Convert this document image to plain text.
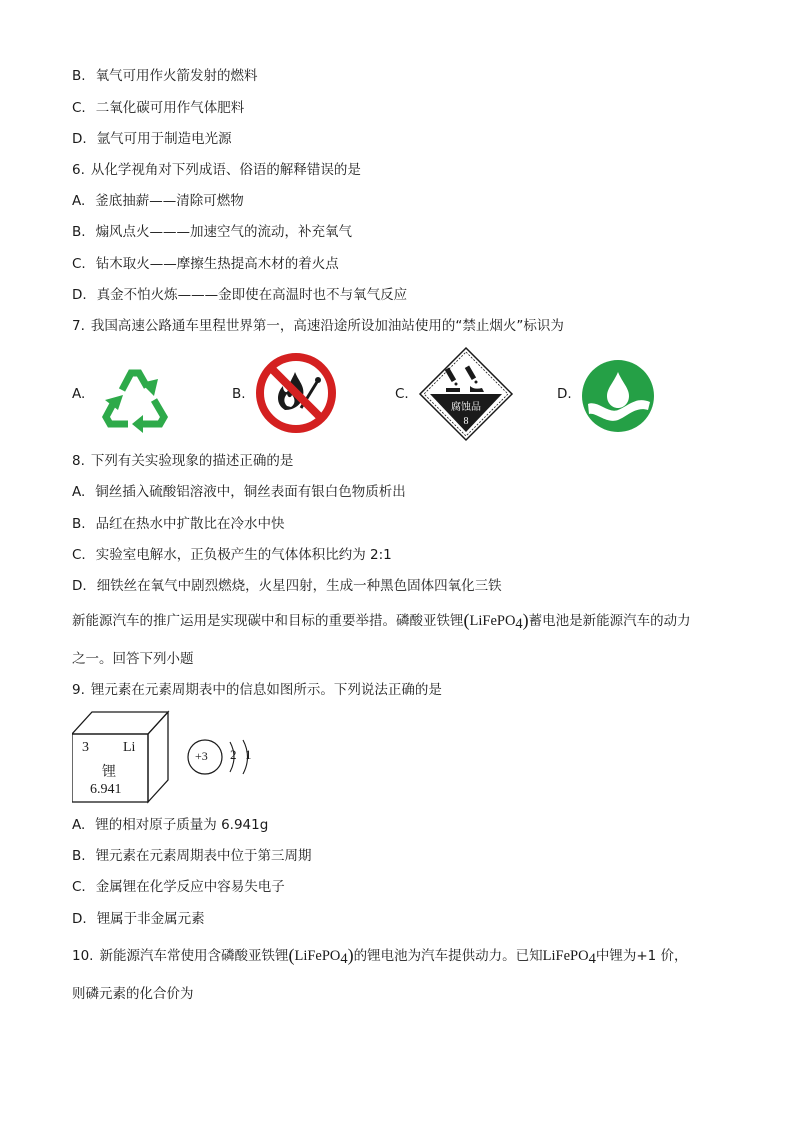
B. 氧气可用作火箭发射的燃料
C. 二氧化碳可用作气体肥料
D. 氩气可用于制造电光源
6. 从化学视角对下列成语、俗语的解释错误的是
A. 釜底抽薪——清除可燃物
B. 煽风点火———加速空气的流动，补充氧气
C. 钻木取火——摩擦生热提高木材的着火点
D. 真金不怕火炼———金即使在高温时也不与氧气反应
7. 我国高速公路通车里程世界第一，高速沿途所设加油站使用的“禁止烟火”标识为
A.	B.	C.
腐蚀品
8
D.
8. 下列有关实验现象的描述正确的是
A. 铜丝插入硫酸铝溶液中，铜丝表面有银白色物质析出
B. 品红在热水中扩散比在冷水中快
C. 实验室电解水，正负极产生的气体体积比约为 2:1
D. 细铁丝在氧气中剧烈燃烧，火星四射，生成一种黑色固体四氧化三铁
新能源汽车的推广运用是实现碳中和目标的重要举措。磷酸亚铁锂(LiFePO$_4$)蓄电池是新能源汽车的动力
之一。回答下列小题
9. 锂元素在元素周期表中的信息如图所示。下列说法正确的是
3 Li
锂
6.941
+3 2 1
A. 锂的相对原子质量为 6.941g
B. 锂元素在元素周期表中位于第三周期
C. 金属锂在化学反应中容易失电子
D. 锂属于非金属元素
10. 新能源汽车常使用含磷酸亚铁锂(LiFePO$_4$)的锂电池为汽车提供动力。已知LiFePO$_4$中锂为+1 价，
则磷元素的化合价为
